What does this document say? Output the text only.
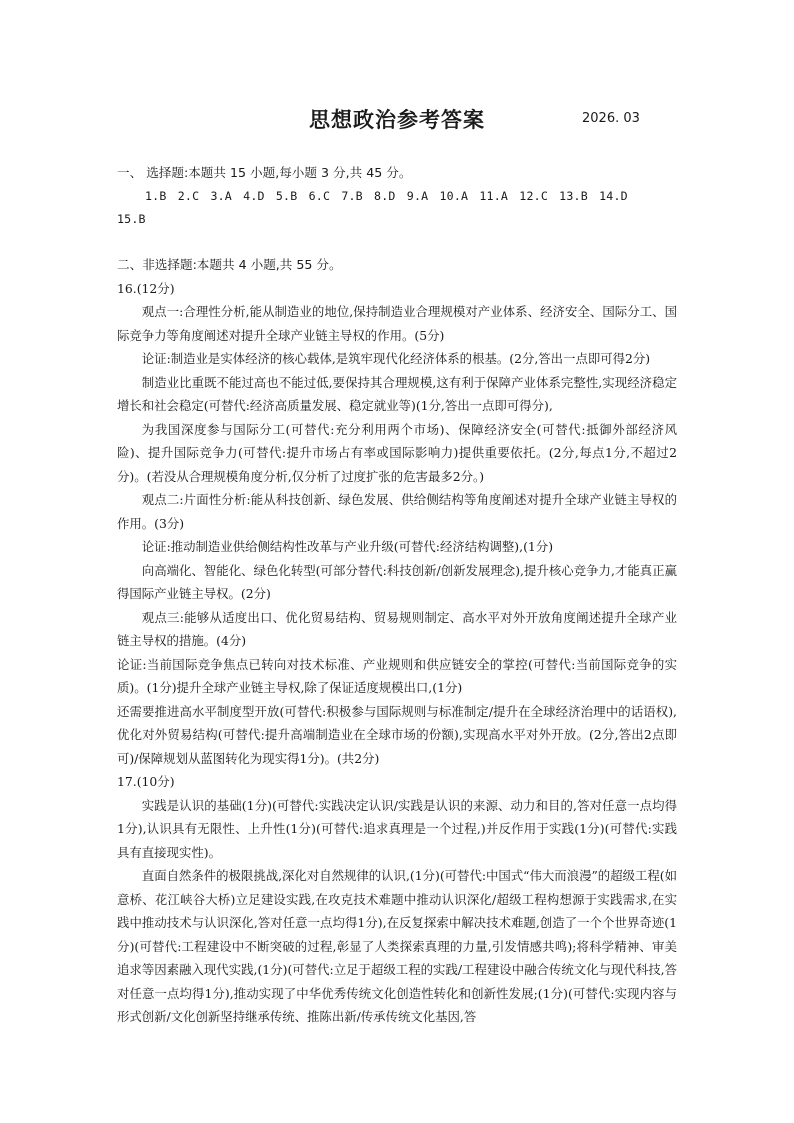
思想政治参考答案	2026. 03

一、 选择题:本题共 15 小题,每小题 3 分,共 45 分。

1.B 2.C 3.A 4.D 5.B 6.C 7.B 8.D 9.A 10.A 11.A 12.C 13.B 14.D

15.B

二、非选择题:本题共 4 小题,共 55 分。

16.(12分)

观点一:合理性分析,能从制造业的地位,保持制造业合理规模对产业体系、经济安全、国际分工、国际竞争力等角度阐述对提升全球产业链主导权的作用。(5分)

论证:制造业是实体经济的核心载体,是筑牢现代化经济体系的根基。(2分,答出一点即可得2分)

制造业比重既不能过高也不能过低,要保持其合理规模,这有利于保障产业体系完整性,实现经济稳定增长和社会稳定(可替代:经济高质量发展、稳定就业等)(1分,答出一点即可得分),

为我国深度参与国际分工(可替代:充分利用两个市场)、保障经济安全(可替代:抵御外部经济风险)、提升国际竞争力(可替代:提升市场占有率或国际影响力)提供重要依托。(2分,每点1分,不超过2分)。(若没从合理规模角度分析,仅分析了过度扩张的危害最多2分。)

观点二:片面性分析:能从科技创新、绿色发展、供给侧结构等角度阐述对提升全球产业链主导权的作用。(3分)

论证:推动制造业供给侧结构性改革与产业升级(可替代:经济结构调整),(1分)

向高端化、智能化、绿色化转型(可部分替代:科技创新/创新发展理念),提升核心竞争力,才能真正赢得国际产业链主导权。(2分)

观点三:能够从适度出口、优化贸易结构、贸易规则制定、高水平对外开放角度阐述提升全球产业链主导权的措施。(4分)

论证:当前国际竞争焦点已转向对技术标准、产业规则和供应链安全的掌控(可替代:当前国际竞争的实质)。(1分)提升全球产业链主导权,除了保证适度规模出口,(1分)

还需要推进高水平制度型开放(可替代:积极参与国际规则与标准制定/提升在全球经济治理中的话语权),优化对外贸易结构(可替代:提升高端制造业在全球市场的份额),实现高水平对外开放。(2分,答出2点即可)/保障规划从蓝图转化为现实得1分)。(共2分)

17.(10分)

实践是认识的基础(1分)(可替代:实践决定认识/实践是认识的来源、动力和目的,答对任意一点均得1分),认识具有无限性、上升性(1分)(可替代:追求真理是一个过程,)并反作用于实践(1分)(可替代:实践具有直接现实性)。

直面自然条件的极限挑战,深化对自然规律的认识,(1分)(可替代:中国式“伟大而浪漫”的超级工程(如意桥、花江峡谷大桥)立足建设实践,在攻克技术难题中推动认识深化/超级工程构想源于实践需求,在实践中推动技术与认识深化,答对任意一点均得1分),在反复探索中解决技术难题,创造了一个个世界奇迹(1分)(可替代:工程建设中不断突破的过程,彰显了人类探索真理的力量,引发情感共鸣);将科学精神、审美追求等因素融入现代实践,(1分)(可替代:立足于超级工程的实践/工程建设中融合传统文化与现代科技,答对任意一点均得1分),推动实现了中华优秀传统文化创造性转化和创新性发展;(1分)(可替代:实现内容与形式创新/文化创新坚持继承传统、推陈出新/传承传统文化基因,答
